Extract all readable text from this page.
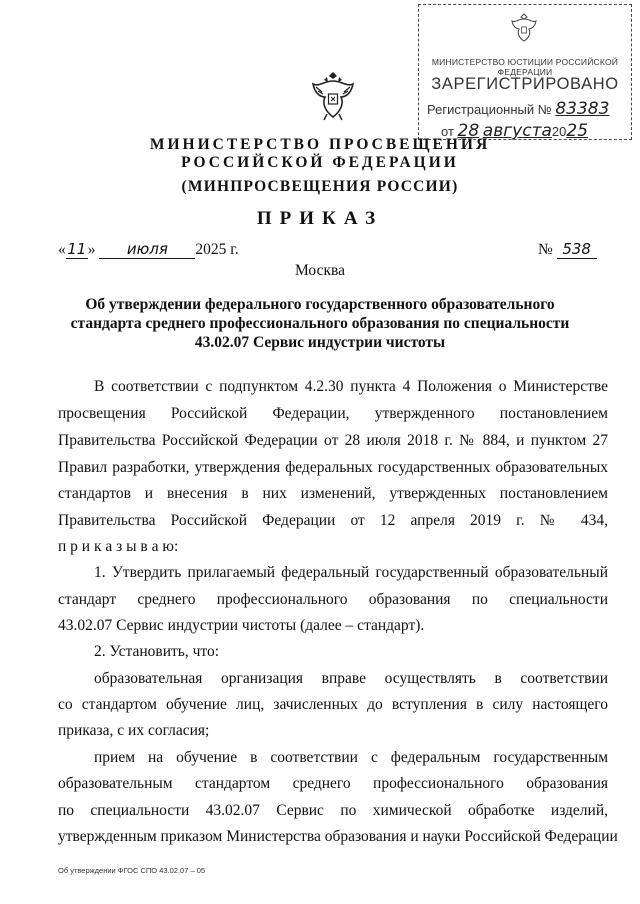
МИНИСТЕРСТВО ЮСТИЦИИ РОССИЙСКОЙ ФЕДЕРАЦИИ
ЗАРЕГИСТРИРОВАНО
Регистрационный № 83383
от 28 августа2025
МИНИСТЕРСТВО ПРОСВЕЩЕНИЯ
РОССИЙСКОЙ ФЕДЕРАЦИИ
(МИНПРОСВЕЩЕНИЯ РОССИИ)
ПРИКАЗ
«11» июля 2025 г.	№ 538
Москва
Об утверждении федерального государственного образовательного
стандарта среднего профессионального образования по специальности
43.02.07 Сервис индустрии чистоты
В соответствии с подпунктом 4.2.30 пункта 4 Положения о Министерстве
просвещения Российской Федерации, утвержденного постановлением
Правительства Российской Федерации от 28 июля 2018 г. № 884, и пунктом 27
Правил разработки, утверждения федеральных государственных образовательных
стандартов и внесения в них изменений, утвержденных постановлением
Правительства Российской Федерации от 12 апреля 2019 г. № 434,
п р и к а з ы в а ю:
1. Утвердить прилагаемый федеральный государственный образовательный
стандарт среднего профессионального образования по специальности
43.02.07 Сервис индустрии чистоты (далее – стандарт).
2. Установить, что:
образовательная организация вправе осуществлять в соответствии
со стандартом обучение лиц, зачисленных до вступления в силу настоящего
приказа, с их согласия;
прием на обучение в соответствии с федеральным государственным
образовательным стандартом среднего профессионального образования
по специальности 43.02.07 Сервис по химической обработке изделий,
утвержденным приказом Министерства образования и науки Российской Федерации
Об утверждении ФГОС СПО 43.02.07 – 05
